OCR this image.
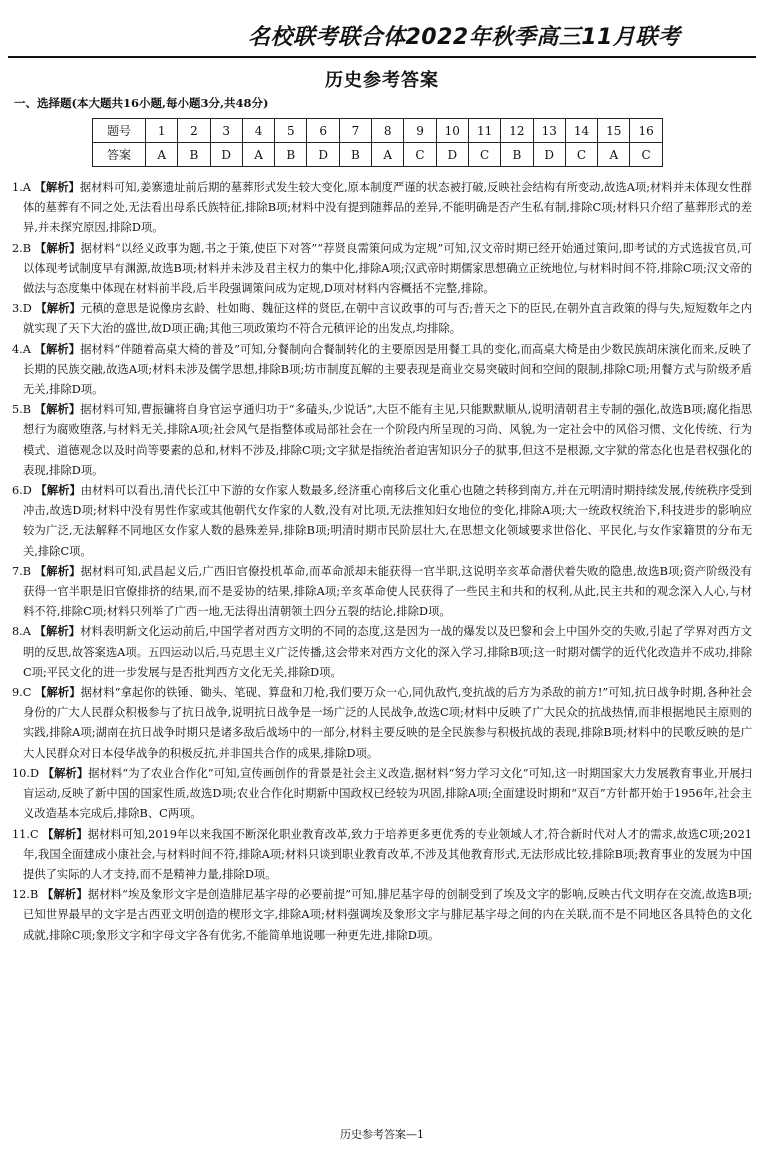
名校联考联合体2022年秋季高三11月联考
历史参考答案
一、选择题(本大题共16小题,每小题3分,共48分)
题号	1	2	3	4	5	6	7	8	9	10	11	12	13	14	15	16
答案	A	B	D	A	B	D	B	A	C	D	C	B	D	C	A	C

1.A 【解析】据材料可知,姜寨遗址前后期的墓葬形式发生较大变化,原本制度严谨的状态被打破,反映社会结构有所变动,故选A项;材料并未体现女性群体的墓葬有不同之处,无法看出母系氏族特征,排除B项;材料中没有提到随葬品的差异,不能明确是否产生私有制,排除C项;材料只介绍了墓葬形式的差异,并未探究原因,排除D项。

2.B 【解析】据材料“以经义政事为题,书之于策,使臣下对答”“荐贤良需策问成为定规”可知,汉文帝时期已经开始通过策问,即考试的方式选拔官员,可以体现考试制度早有渊源,故选B项;材料并未涉及君主权力的集中化,排除A项;汉武帝时期儒家思想确立正统地位,与材料时间不符,排除C项;汉文帝的做法与态度集中体现在材料前半段,后半段强调策问成为定规,D项对材料内容概括不完整,排除。

3.D 【解析】元稹的意思是说像房玄龄、杜如晦、魏征这样的贤臣,在朝中言议政事的可与否;普天之下的臣民,在朝外直言政策的得与失,短短数年之内就实现了天下大治的盛世,故D项正确;其他三项政策均不符合元稹评论的出发点,均排除。

4.A 【解析】据材料“伴随着高桌大椅的普及”可知,分餐制向合餐制转化的主要原因是用餐工具的变化,而高桌大椅是由少数民族胡床演化而来,反映了长期的民族交融,故选A项;材料未涉及儒学思想,排除B项;坊市制度瓦解的主要表现是商业交易突破时间和空间的限制,排除C项;用餐方式与阶级矛盾无关,排除D项。

5.B 【解析】据材料可知,曹振镛将自身官运亨通归功于“多磕头,少说话”,大臣不能有主见,只能默默顺从,说明清朝君主专制的强化,故选B项;腐化指思想行为腐败堕落,与材料无关,排除A项;社会风气是指整体或局部社会在一个阶段内所呈现的习尚、风貌,为一定社会中的风俗习惯、文化传统、行为模式、道德观念以及时尚等要素的总和,材料不涉及,排除C项;文字狱是指统治者迫害知识分子的狱事,但这不是根源,文字狱的常态化也是君权强化的表现,排除D项。

6.D 【解析】由材料可以看出,清代长江中下游的女作家人数最多,经济重心南移后文化重心也随之转移到南方,并在元明清时期持续发展,传统秩序受到冲击,故选D项;材料中没有男性作家或其他朝代女作家的人数,没有对比项,无法推知妇女地位的变化,排除A项;大一统政权统治下,科技进步的影响应较为广泛,无法解释不同地区女作家人数的悬殊差异,排除B项;明清时期市民阶层壮大,在思想文化领域要求世俗化、平民化,与女作家籍贯的分布无关,排除C项。

7.B 【解析】据材料可知,武昌起义后,广西旧官僚投机革命,而革命派却未能获得一官半职,这说明辛亥革命潜伏着失败的隐患,故选B项;资产阶级没有获得一官半职是旧官僚排挤的结果,而不是妥协的结果,排除A项;辛亥革命使人民获得了一些民主和共和的权利,从此,民主共和的观念深入人心,与材料不符,排除C项;材料只列举了广西一地,无法得出清朝领土四分五裂的结论,排除D项。

8.A 【解析】材料表明新文化运动前后,中国学者对西方文明的不同的态度,这是因为一战的爆发以及巴黎和会上中国外交的失败,引起了学界对西方文明的反思,故答案选A项。五四运动以后,马克思主义广泛传播,这会带来对西方文化的深入学习,排除B项;这一时期对儒学的近代化改造并不成功,排除C项;平民文化的进一步发展与是否批判西方文化无关,排除D项。

9.C 【解析】据材料“拿起你的铁锤、锄头、笔砚、算盘和刀枪,我们要万众一心,同仇敌忾,变抗战的后方为杀敌的前方!”可知,抗日战争时期,各种社会身份的广大人民群众积极参与了抗日战争,说明抗日战争是一场广泛的人民战争,故选C项;材料中反映了广大民众的抗战热情,而非根据地民主原则的实践,排除A项;湖南在抗日战争时期只是诸多敌后战场中的一部分,材料主要反映的是全民族参与积极抗战的表现,排除B项;材料中的民歌反映的是广大人民群众对日本侵华战争的积极反抗,并非国共合作的成果,排除D项。

10.D 【解析】据材料“为了农业合作化”可知,宣传画创作的背景是社会主义改造,据材料“努力学习文化”可知,这一时期国家大力发展教育事业,开展扫盲运动,反映了新中国的国家性质,故选D项;农业合作化时期新中国政权已经较为巩固,排除A项;全面建设时期和“双百”方针都开始于1956年,社会主义改造基本完成后,排除B、C两项。

11.C 【解析】据材料可知,2019年以来我国不断深化职业教育改革,致力于培养更多更优秀的专业领域人才,符合新时代对人才的需求,故选C项;2021年,我国全面建成小康社会,与材料时间不符,排除A项;材料只谈到职业教育改革,不涉及其他教育形式,无法形成比较,排除B项;教育事业的发展为中国提供了实际的人才支持,而不是精神力量,排除D项。

12.B 【解析】据材料“埃及象形文字是创造腓尼基字母的必要前提”可知,腓尼基字母的创制受到了埃及文字的影响,反映古代文明存在交流,故选B项;已知世界最早的文字是古西亚文明创造的楔形文字,排除A项;材料强调埃及象形文字与腓尼基字母之间的内在关联,而不是不同地区各具特色的文化成就,排除C项;象形文字和字母文字各有优劣,不能简单地说哪一种更先进,排除D项。

历史参考答案—1
